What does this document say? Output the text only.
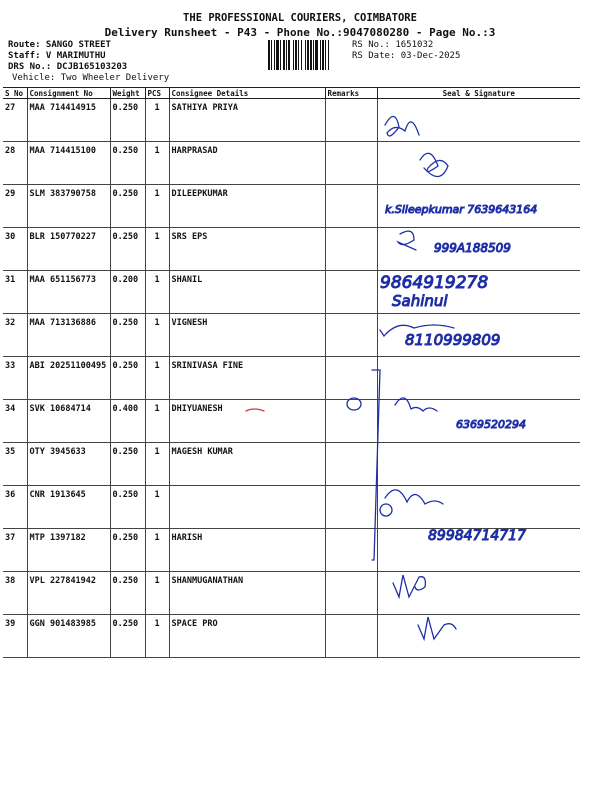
THE PROFESSIONAL COURIERS, COIMBATORE
Delivery Runsheet - P43 - Phone No.:9047080280 - Page No.:3
Route: SANGO STREET
Staff: V MARIMUTHU
DRS No.: DCJB165103203
Vehicle: Two Wheeler Delivery
RS No.: 1651032
RS Date: 03-Dec-2025
S No	Consignment No	Weight	PCS	Consignee Details	Remarks	Seal & Signature
27	MAA 714414915	0.250	1	SATHIYA PRIYA		
28	MAA 714415100	0.250	1	HARPRASAD		
29	SLM 383790758	0.250	1	DILEEPKUMAR		
30	BLR 150770227	0.250	1	SRS EPS		
31	MAA 651156773	0.200	1	SHANIL		
32	MAA 713136886	0.250	1	VIGNESH		
33	ABI 20251100495	0.250	1	SRINIVASA FINE		
34	SVK 10684714	0.400	1	DHIYUANESH		
35	OTY 3945633	0.250	1	MAGESH KUMAR		
36	CNR 1913645	0.250	1			
37	MTP 1397182	0.250	1	HARISH		
38	VPL 227841942	0.250	1	SHANMUGANATHAN		
39	GGN 901483985	0.250	1	SPACE PRO		
k.Sileepkumar 7639643164
999A188509
9864919278
Sahinul
8110999809
6369520294
89984714717
